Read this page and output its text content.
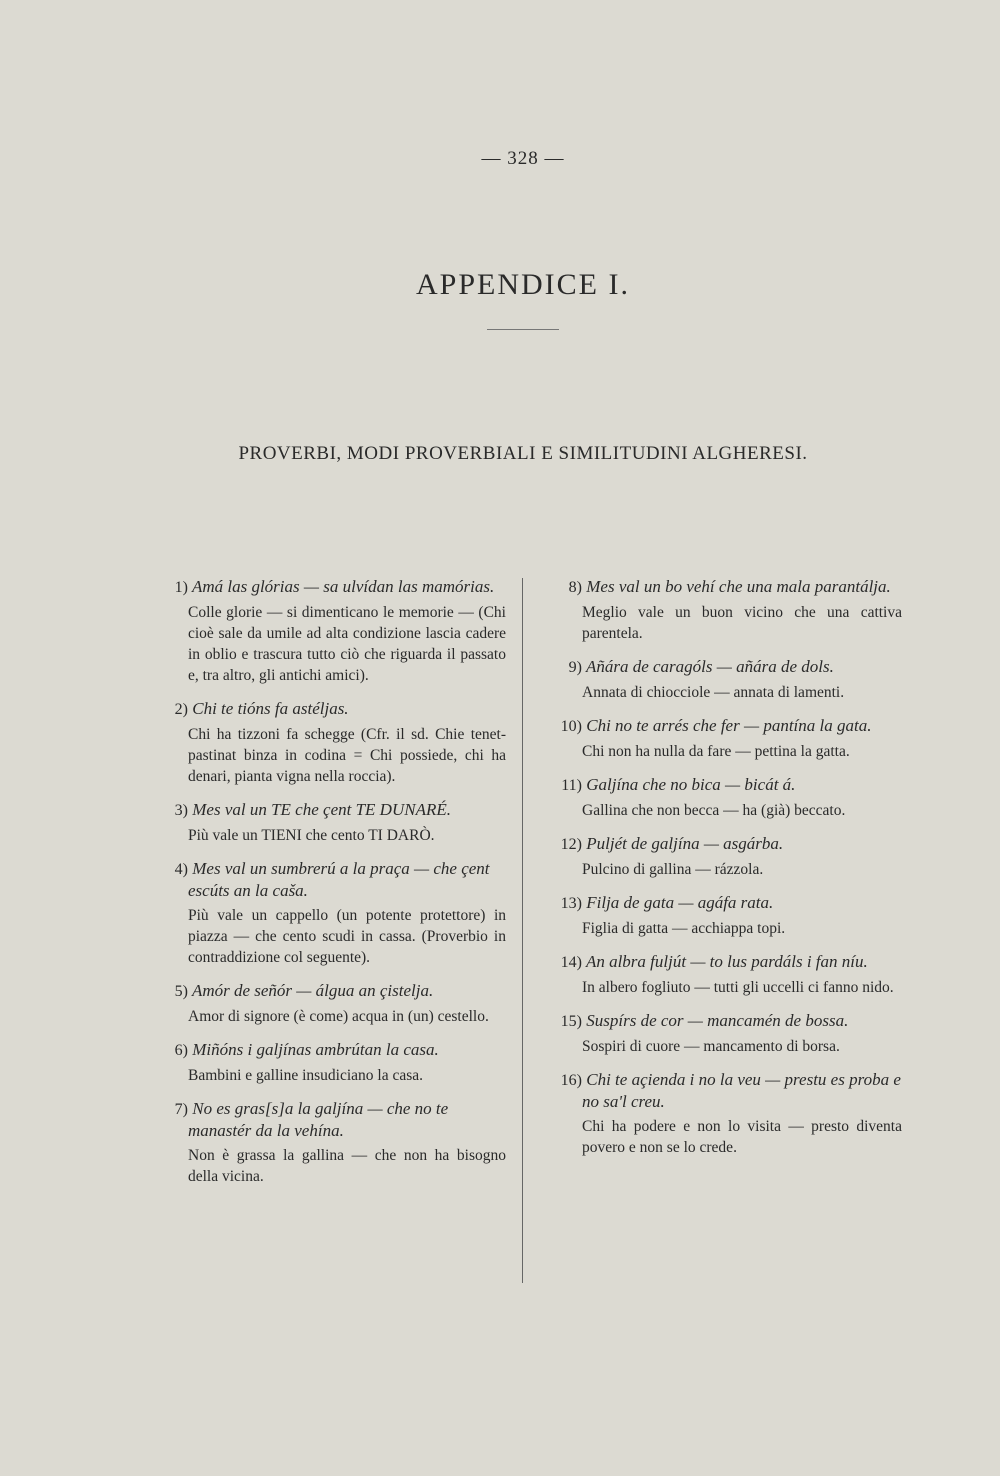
— 328 —
APPENDICE I.
PROVERBI, MODI PROVERBIALI E SIMILITUDINI ALGHERESI.
1) Amá las glórias — sa ulvídan las mamórias.
Colle glorie — si dimenticano le memorie — (Chi cioè sale da umile ad alta condizione lascia cadere in oblio e trascura tutto ciò che riguarda il passato e, tra altro, gli antichi amici).
2) Chi te tións fa astéljas.
Chi ha tizzoni fa schegge (Cfr. il sd. Chie tenet-pastinat binza in codina = Chi possiede, chi ha denari, pianta vigna nella roccia).
3) Mes val un TE che çent TE DUNARÉ.
Più vale un TIENI che cento TI DARÒ.
4) Mes val un sumbrerú a la praça — che çent escúts an la caša.
Più vale un cappello (un potente protettore) in piazza — che cento scudi in cassa. (Proverbio in contraddizione col seguente).
5) Amór de señór — álgua an çistelja.
Amor di signore (è come) acqua in (un) cestello.
6) Miñóns i galjínas ambrútan la casa.
Bambini e galline insudiciano la casa.
7) No es gras[s]a la galjína — che no te manastér da la vehína.
Non è grassa la gallina — che non ha bisogno della vicina.
8) Mes val un bo vehí che una mala parantálja.
Meglio vale un buon vicino che una cattiva parentela.
9) Añára de caragóls — añára de dols.
Annata di chiocciole — annata di lamenti.
10) Chi no te arrés che fer — pantína la gata.
Chi non ha nulla da fare — pettina la gatta.
11) Galjína che no bica — bicát á.
Gallina che non becca — ha (già) beccato.
12) Puljét de galjína — asgárba.
Pulcino di gallina — rázzola.
13) Filja de gata — agáfa rata.
Figlia di gatta — acchiappa topi.
14) An albra fuljút — to lus pardáls i fan níu.
In albero fogliuto — tutti gli uccelli ci fanno nido.
15) Suspírs de cor — mancamén de bossa.
Sospiri di cuore — mancamento di borsa.
16) Chi te açienda i no la veu — prestu es proba e no sa'l creu.
Chi ha podere e non lo visita — presto diventa povero e non se lo crede.
